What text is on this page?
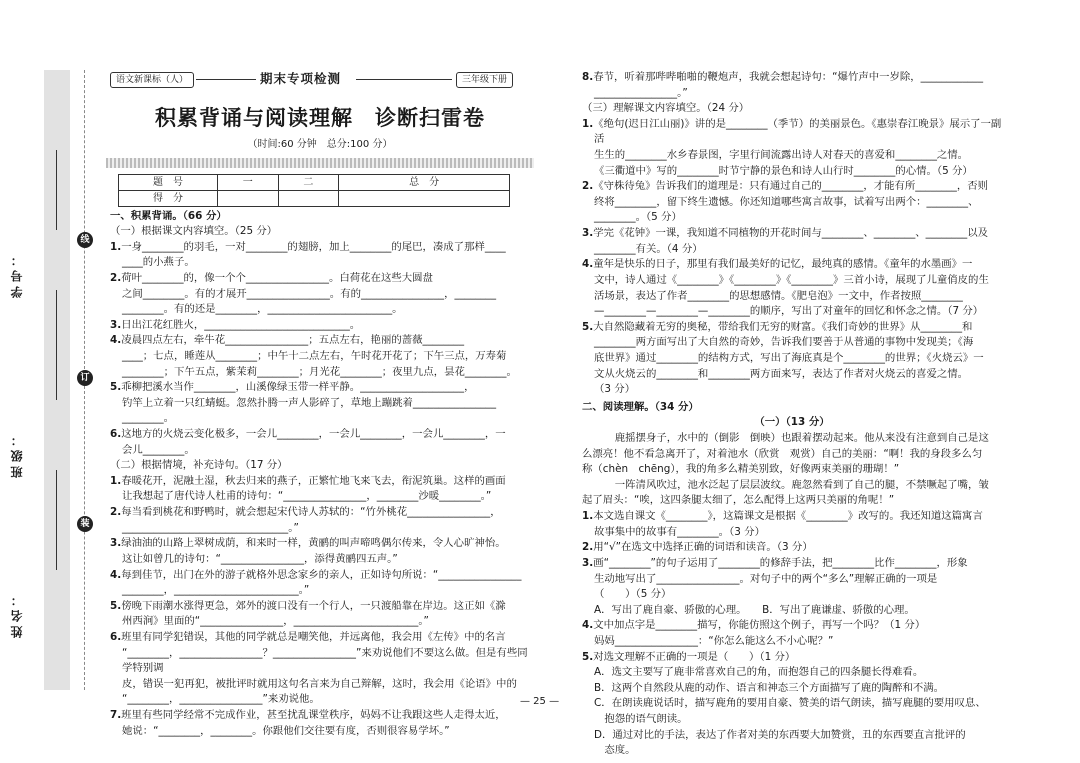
学号：
班级：
姓名：
线
订
装
语文新课标（人）	期末专项检测	三年级下册
积累背诵与阅读理解　诊断扫雷卷
（时间:60 分钟　总分:100 分）
题　号	一	二	总　分
得　分			
一、积累背诵。（66 分）
（一）根据课文内容填空。（25 分）
1.一身________的羽毛，一对________的翅膀，加上________的尾巴，凑成了那样____
____的小燕子。
2.荷叶________的，像一个个________________。白荷花在这些大圆盘
之间________。有的才展开________________。有的________________，________
________。有的还是________，________________________。
3.日出江花红胜火，____________________________。
4.凌晨四点左右，牵牛花________________；五点左右，艳丽的蔷薇________
____；七点，睡莲从________；中午十二点左右，午时花开花了；下午三点，万寿菊
________；下午五点，紫茉莉________；月光花________；夜里九点，昙花________。
5.乖柳把溪水当作________，山溪像绿玉带一样平静。____________________，
钓竿上立着一只红蜻蜓。忽然扑腾一声人影碎了，草地上蹦跳着________________
________。
6.这地方的火烧云变化极多，一会儿________，一会儿________，一会儿________，一
会儿________。
（二）根据情境，补充诗句。（17 分）
1.春暖花开，泥融土湿，秋去归来的燕子，正繁忙地飞来飞去，衔泥筑巢。这样的画面
让我想起了唐代诗人杜甫的诗句：“________________，________沙暖________。”
2.每当看到桃花和野鸭时，就会想起宋代诗人苏轼的：“竹外桃花________________，
________________________________。”
3.绿油油的山路上翠树成荫，和来时一样，黄鹂的叫声啼鸣偶尔传来，令人心旷神怡。
这让如曾几的诗句：“________________，添得黄鹂四五声。”
4.每到佳节，出门在外的游子就格外思念家乡的亲人，正如诗句所说：“________________
________，________________________。”
5.傍晚下雨潮水涨得更急，郊外的渡口没有一个行人，一只渡船靠在岸边。这正如《滁
州西涧》里面的“________________，________________________。”
6.班里有同学犯错误，其他的同学就总是嘲笑他，并远离他，我会用《左传》中的名言
“________，________________？________________”来劝说他们不要这么做。但是有些同学特别调
皮，错误一犯再犯，被批评时就用这句名言来为自己辩解，这时，我会用《论语》中的
“________，________________”来劝说他。
7.班里有些同学经常不完成作业，甚至扰乱课堂秩序，妈妈不让我跟这些人走得太近，
她说：“________，________。你跟他们交往要有度，否则很容易学坏。”
8.春节，听着那哔哔啪啪的鞭炮声，我就会想起诗句：“爆竹声中一岁除，____________
________________。”
（三）理解课文内容填空。（24 分）
1.《绝句(迟日江山丽)》讲的是________（季节）的美丽景色。《惠崇春江晚景》展示了一副活
生生的________水乡春景图，字里行间流露出诗人对春天的喜爱和________之情。
《三衢道中》写的________时节宁静的景色和诗人山行时________的心情。（5 分）
2.《守株待兔》告诉我们的道理是：只有通过自己的________，才能有所________，否则
终将________，留下终生遗憾。你还知道哪些寓言故事，试着写出两个：________、
________。（5 分）
3.学完《花钟》一课，我知道不同植物的开花时间与________、________、________以及
________有关。（4 分）
4.童年是快乐的日子，那里有我们最美好的记忆，最纯真的感情。《童年的水墨画》一
文中，诗人通过《________》《________》《________》三首小诗，展现了儿童俏皮的生
活场景，表达了作者________的思想感情。《肥皂泡》一文中，作者按照________
—________—________—________的顺序，写出了对童年的回忆和怀念之情。（7 分）
5.大自然隐藏着无穷的奥秘，带给我们无穷的财富。《我们奇妙的世界》从________和
________两方面写出了大自然的奇妙，告诉我们要善于从普通的事物中发现美；《海
底世界》通过________的结构方式，写出了海底真是个________的世界；《火烧云》一
文从火烧云的________和________两方面来写，表达了作者对火烧云的喜爱之情。
（3 分）
二、阅读理解。（34 分）
（一）（13 分）
　　鹿摇摆身子，水中的（倒影　倒映）也跟着摆动起来。他从来没有注意到自己是这
么漂亮！他不看急离开了，对着池水（欣赏　观赏）自己的美丽：“啊！我的身段多么匀
称（chèn　chēng），我的角多么精美别致，好像两束美丽的珊瑚！”
　　一阵清风吹过，池水泛起了层层波纹。鹿忽然看到了自己的腿，不禁噘起了嘴，皱
起了眉头：“唉，这四条腿太细了，怎么配得上这两只美丽的角呢！”
1.本文选自课文《________》，这篇课文是根据《________》改写的。我还知道这篇寓言
故事集中的故事有________。（3 分）
2.用“√”在选文中选择正确的词语和读音。（3 分）
3.画“________”的句子运用了________的修辞手法，把________比作________，形象
生动地写出了________________。对句子中的两个“多么”理解正确的一项是
（　　）（5 分）
A．写出了鹿自豪、骄傲的心理。　　B．写出了鹿谦虚、骄傲的心理。
4.文中加点字是________描写，你能仿照这个例子，再写一个吗？（1 分）
妈妈________________：“你怎么能这么不小心呢？”
5.对选文理解不正确的一项是（　　）（1 分）
A．选文主要写了鹿非常喜欢自己的角，而抱怨自己的四条腿长得难看。
B．这两个自然段从鹿的动作、语言和神态三个方面描写了鹿的陶醉和不满。
C．在朗读鹿说话时，描写鹿角的要用自豪、赞美的语气朗读，描写鹿腿的要用叹息、
　抱怨的语气朗读。
D．通过对比的手法，表达了作者对美的东西要大加赞赏，丑的东西要直言批评的
　态度。
— 25 —
